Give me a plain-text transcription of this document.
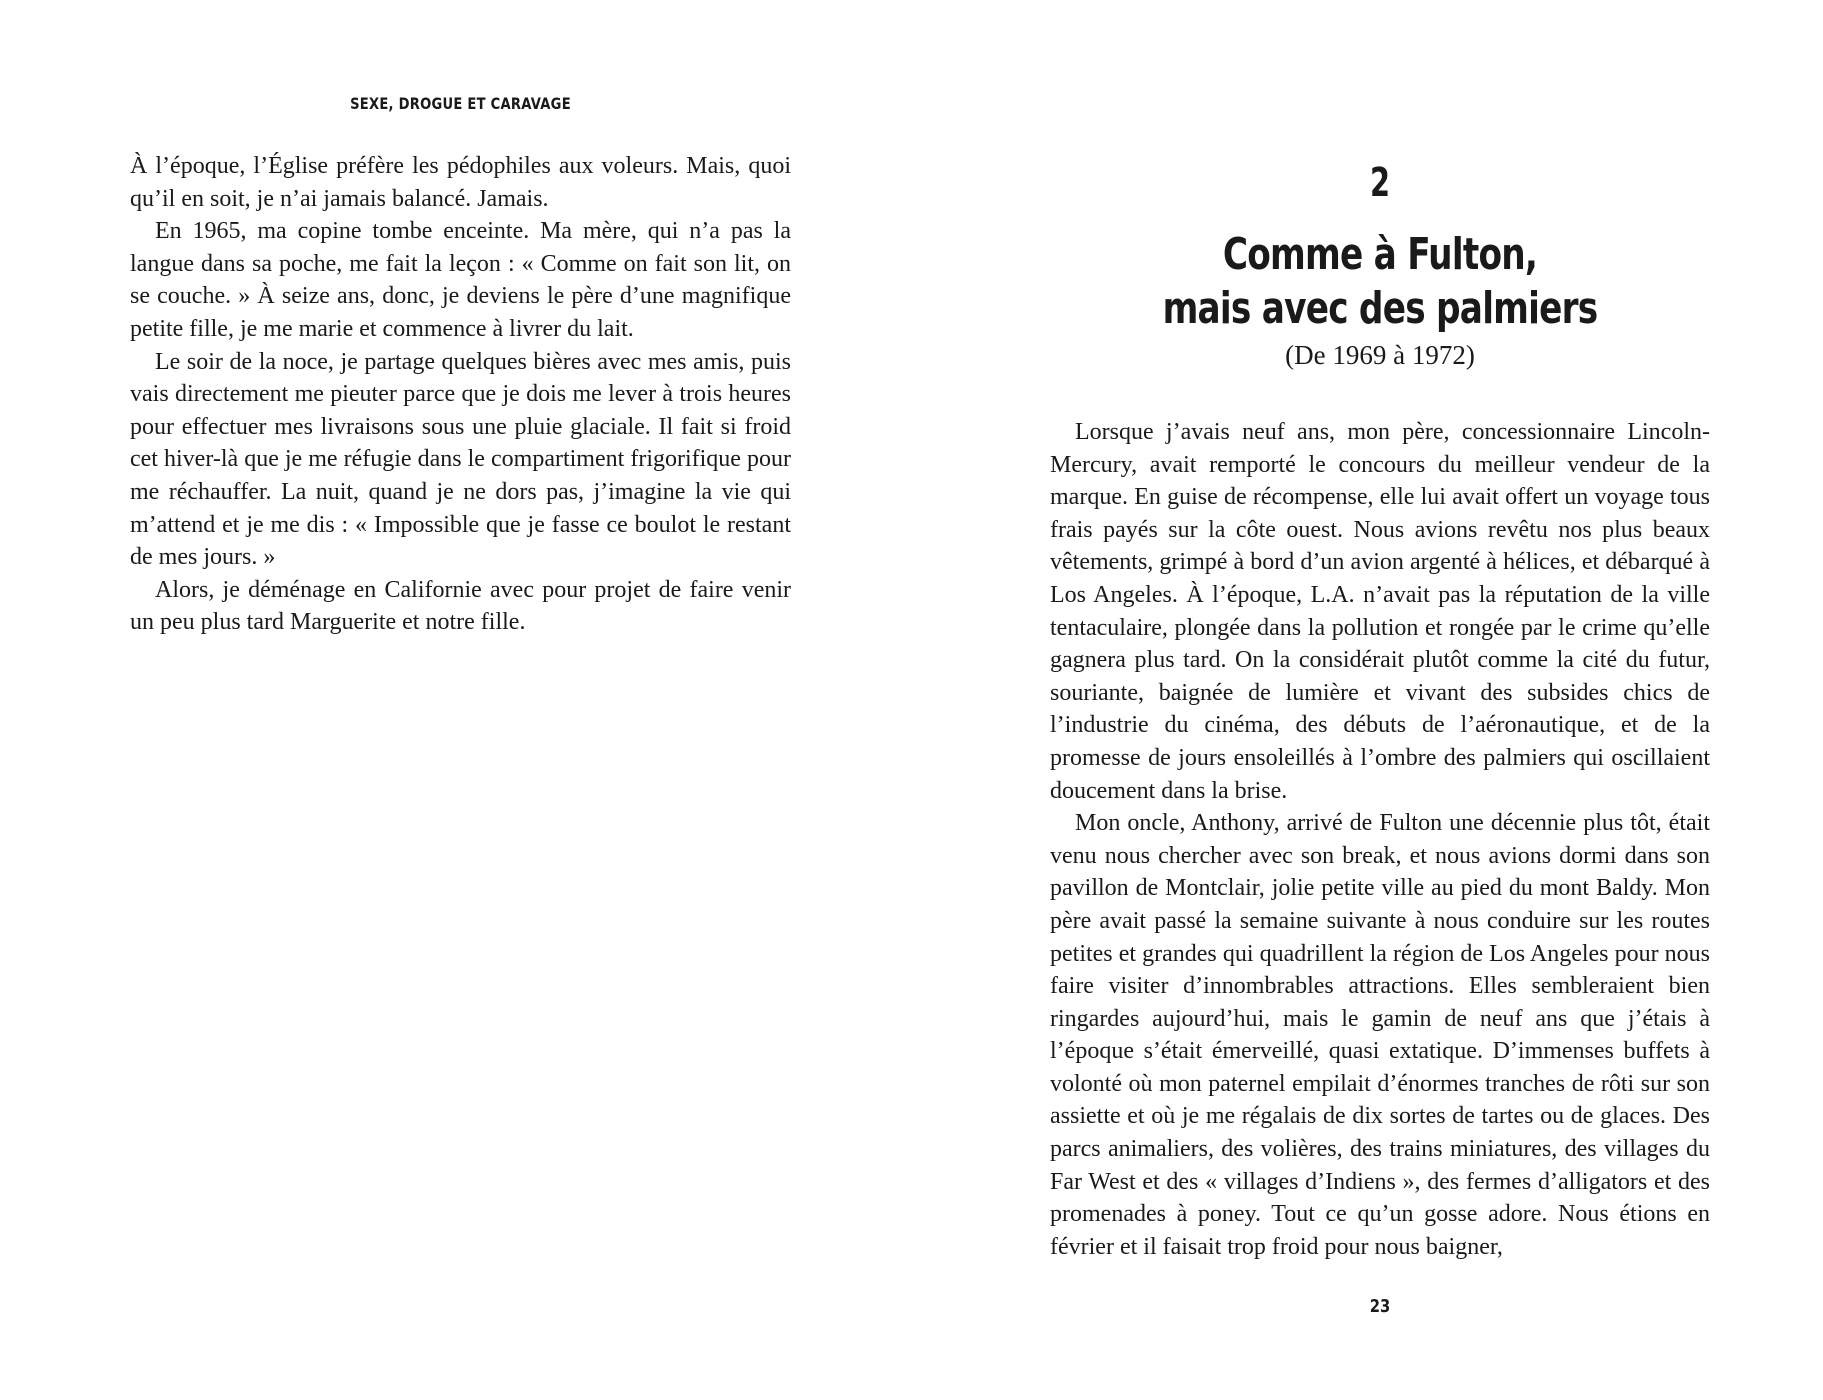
SEXE, DROGUE ET CARAVAGE

À l’époque, l’Église préfère les pédophiles aux voleurs. Mais, quoi qu’il en soit, je n’ai jamais balancé. Jamais.

En 1965, ma copine tombe enceinte. Ma mère, qui n’a pas la langue dans sa poche, me fait la leçon : « Comme on fait son lit, on se couche. » À seize ans, donc, je deviens le père d’une magnifique petite fille, je me marie et commence à livrer du lait.

Le soir de la noce, je partage quelques bières avec mes amis, puis vais directement me pieuter parce que je dois me lever à trois heures pour effectuer mes livraisons sous une pluie glaciale. Il fait si froid cet hiver-là que je me réfugie dans le compartiment frigorifique pour me réchauffer. La nuit, quand je ne dors pas, j’imagine la vie qui m’attend et je me dis : « Impossible que je fasse ce boulot le restant de mes jours. »

Alors, je déménage en Californie avec pour projet de faire venir un peu plus tard Marguerite et notre fille.

2
Comme à Fulton,
mais avec des palmiers
(De 1969 à 1972)

Lorsque j’avais neuf ans, mon père, concessionnaire Lincoln-Mercury, avait remporté le concours du meilleur vendeur de la marque. En guise de récompense, elle lui avait offert un voyage tous frais payés sur la côte ouest. Nous avions revêtu nos plus beaux vêtements, grimpé à bord d’un avion argenté à hélices, et débarqué à Los Angeles. À l’époque, L.A. n’avait pas la réputation de la ville tentaculaire, plongée dans la pollution et rongée par le crime qu’elle gagnera plus tard. On la considérait plutôt comme la cité du futur, souriante, baignée de lumière et vivant des subsides chics de l’industrie du cinéma, des débuts de l’aéronautique, et de la promesse de jours ensoleillés à l’ombre des palmiers qui oscillaient doucement dans la brise.

Mon oncle, Anthony, arrivé de Fulton une décennie plus tôt, était venu nous chercher avec son break, et nous avions dormi dans son pavillon de Montclair, jolie petite ville au pied du mont Baldy. Mon père avait passé la semaine suivante à nous conduire sur les routes petites et grandes qui quadrillent la région de Los Angeles pour nous faire visiter d’innombrables attractions. Elles sembleraient bien ringardes aujourd’hui, mais le gamin de neuf ans que j’étais à l’époque s’était émerveillé, quasi extatique. D’immenses buffets à volonté où mon paternel empilait d’énormes tranches de rôti sur son assiette et où je me régalais de dix sortes de tartes ou de glaces. Des parcs animaliers, des volières, des trains miniatures, des villages du Far West et des « villages d’Indiens », des fermes d’alligators et des promenades à poney. Tout ce qu’un gosse adore. Nous étions en février et il faisait trop froid pour nous baigner,

23
